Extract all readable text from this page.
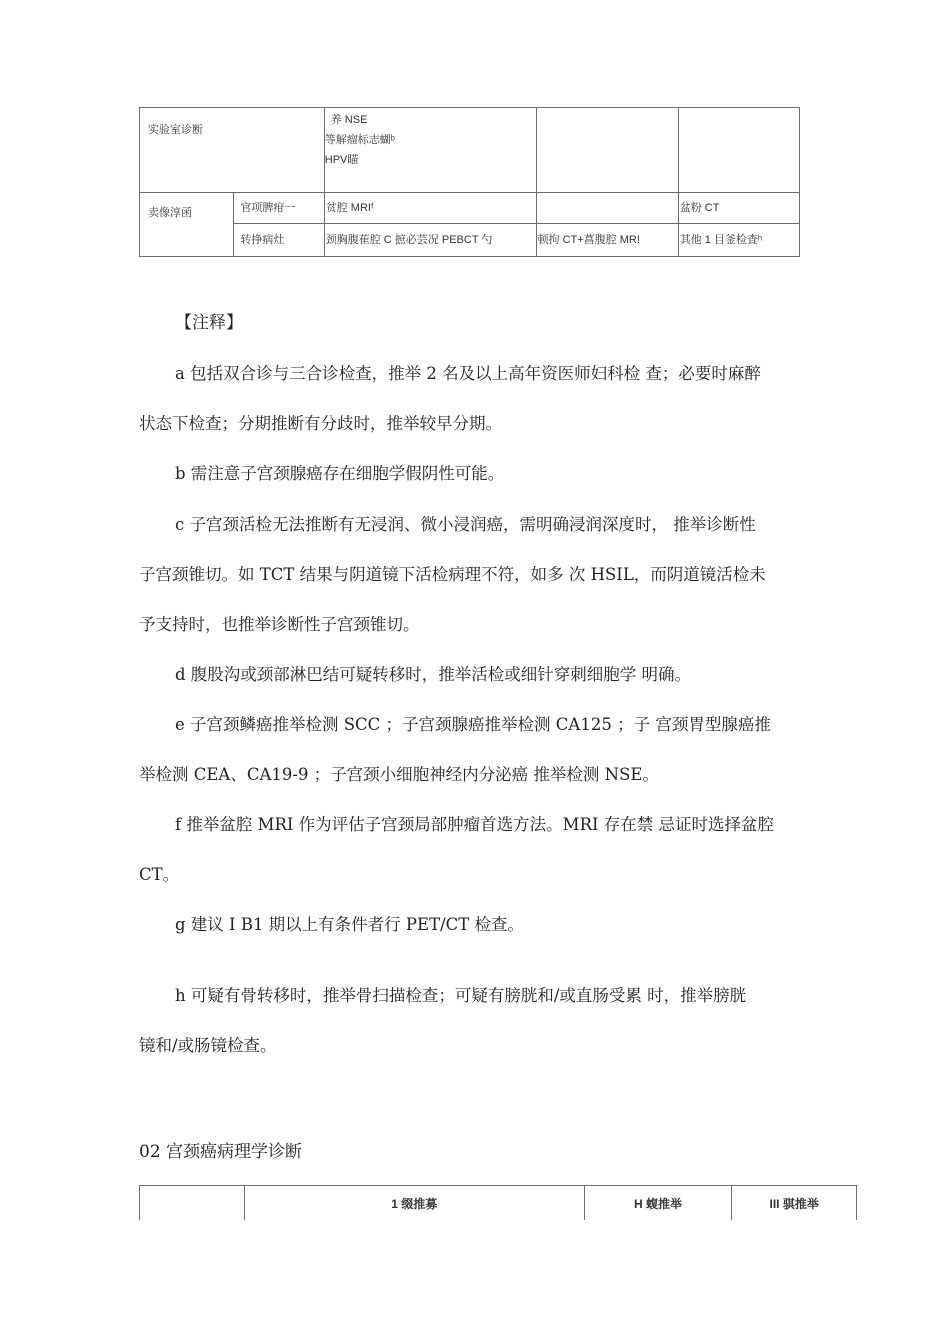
实验室诊断		养 NSE
等解瘤标志蝴ᵇ
HPV瞄		

卖像淳函	官项脾疳一	贫腔 MRIᶠ		盆粉 CT
	转挣病灶	颈胸腹萑腔 C 摭必芸况 PEBCT 勺	顿拘 CT+菖腹腔 MR!	其他 1 目釜检査ʰ
【注释】
a 包括双合诊与三合诊检查，推举 2 名及以上高年资医师妇科检 查；必要时麻醉
状态下检查；分期推断有分歧时，推举较早分期。
b 需注意子宫颈腺癌存在细胞学假阴性可能。
c 子宫颈活检无法推断有无浸润、微小浸润癌，需明确浸润深度时， 推举诊断性
子宫颈锥切。如 TCT 结果与阴道镜下活检病理不符，如多 次 HSIL，而阴道镜活检未
予支持时，也推举诊断性子宫颈锥切。
d 腹股沟或颈部淋巴结可疑转移时，推举活检或细针穿刺细胞学 明确。
e 子宫颈鳞癌推举检测 SCC ；子宫颈腺癌推举检测 CA125 ；子 宫颈胃型腺癌推
举检测 CEA、CA19-9 ；子宫颈小细胞神经内分泌癌 推举检测 NSE。
f 推举盆腔 MRI 作为评估子宫颈局部肿瘤首选方法。MRI 存在禁 忌证时选择盆腔
CT。
g 建议 I B1 期以上有条件者行 PET/CT 检查。
h 可疑有骨转移时，推举骨扫描检查；可疑有膀胱和/或直肠受累 时，推举膀胱
镜和/或肠镜检查。
02 宫颈癌病理学诊断
	1 缀推募	H 蝮推举	III 骐推举
